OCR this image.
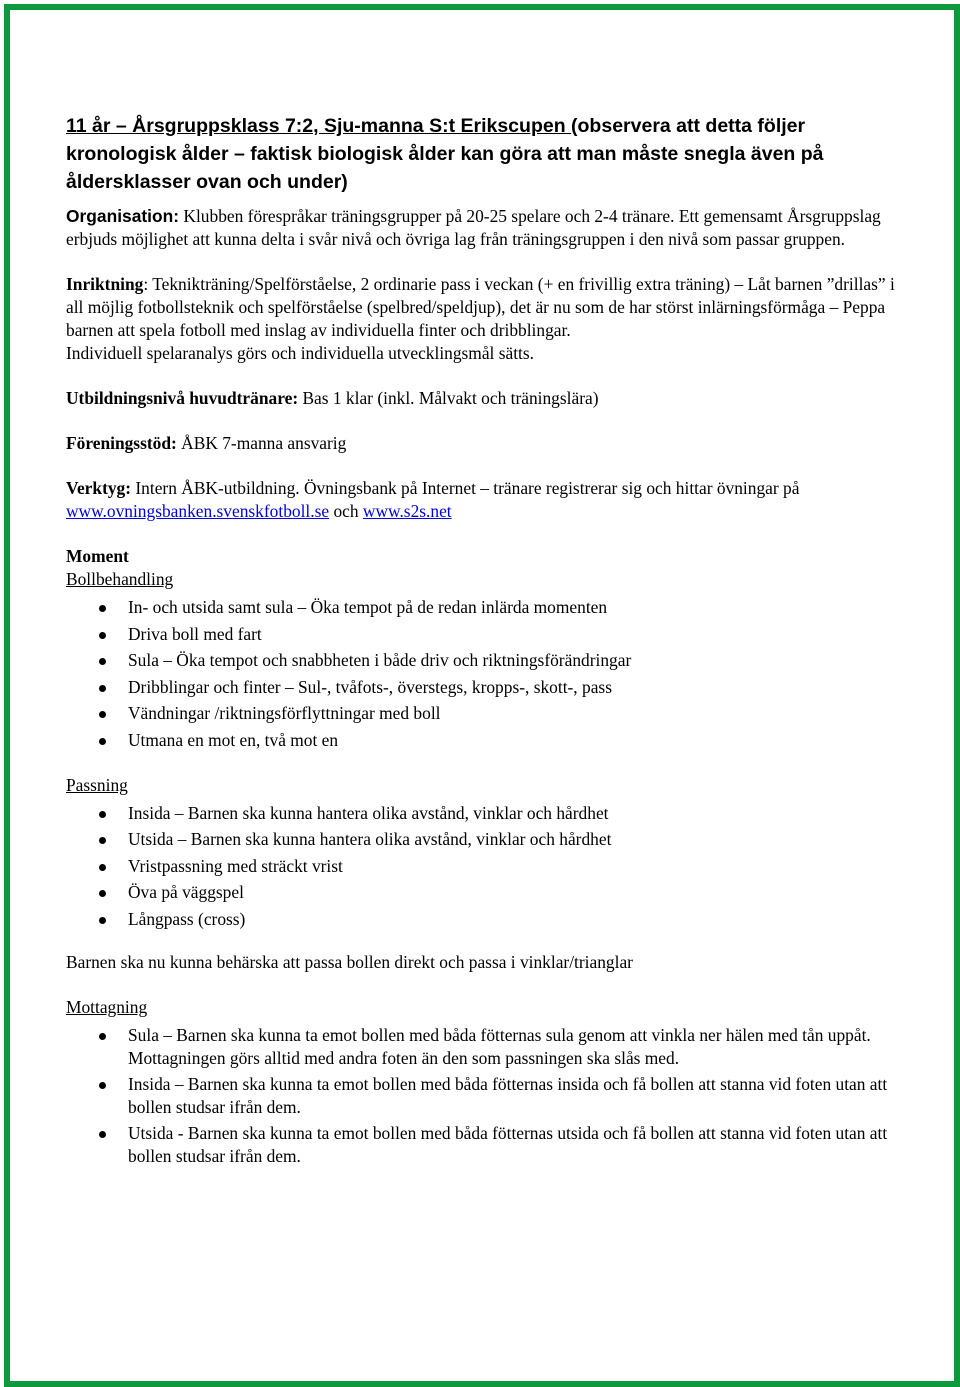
11 år – Årsgruppsklass 7:2, Sju-manna S:t Erikscupen (observera att detta följer kronologisk ålder – faktisk biologisk ålder kan göra att man måste snegla även på åldersklasser ovan och under)

Organisation: Klubben förespråkar träningsgrupper på 20-25 spelare och 2-4 tränare. Ett gemensamt Årsgruppslag erbjuds möjlighet att kunna delta i svår nivå och övriga lag från träningsgruppen i den nivå som passar gruppen.

Inriktning: Teknikträning/Spelförståelse, 2 ordinarie pass i veckan (+ en frivillig extra träning) – Låt barnen ”drillas” i all möjlig fotbollsteknik och spelförståelse (spelbred/speldjup), det är nu som de har störst inlärningsförmåga – Peppa barnen att spela fotboll med inslag av individuella finter och dribblingar.

Individuell spelaranalys görs och individuella utvecklingsmål sätts.

Utbildningsnivå huvudtränare: Bas 1 klar (inkl. Målvakt och träningslära)

Föreningsstöd: ÅBK 7-manna ansvarig

Verktyg: Intern ÅBK-utbildning. Övningsbank på Internet – tränare registrerar sig och hittar övningar på www.ovningsbanken.svenskfotboll.se och www.s2s.net

Moment

Bollbehandling

In- och utsida samt sula – Öka tempot på de redan inlärda momenten
Driva boll med fart
Sula – Öka tempot och snabbheten i både driv och riktningsförändringar
Dribblingar och finter – Sul-, tvåfots-, överstegs, kropps-, skott-, pass
Vändningar /riktningsförflyttningar med boll
Utmana en mot en, två mot en

Passning

Insida – Barnen ska kunna hantera olika avstånd, vinklar och hårdhet
Utsida – Barnen ska kunna hantera olika avstånd, vinklar och hårdhet
Vristpassning med sträckt vrist
Öva på väggspel
Långpass (cross)

Barnen ska nu kunna behärska att passa bollen direkt och passa i vinklar/trianglar

Mottagning

Sula – Barnen ska kunna ta emot bollen med båda fötternas sula genom att vinkla ner hälen med tån uppåt. Mottagningen görs alltid med andra foten än den som passningen ska slås med.
Insida – Barnen ska kunna ta emot bollen med båda fötternas insida och få bollen att stanna vid foten utan att bollen studsar ifrån dem.
Utsida - Barnen ska kunna ta emot bollen med båda fötternas utsida och få bollen att stanna vid foten utan att bollen studsar ifrån dem.
